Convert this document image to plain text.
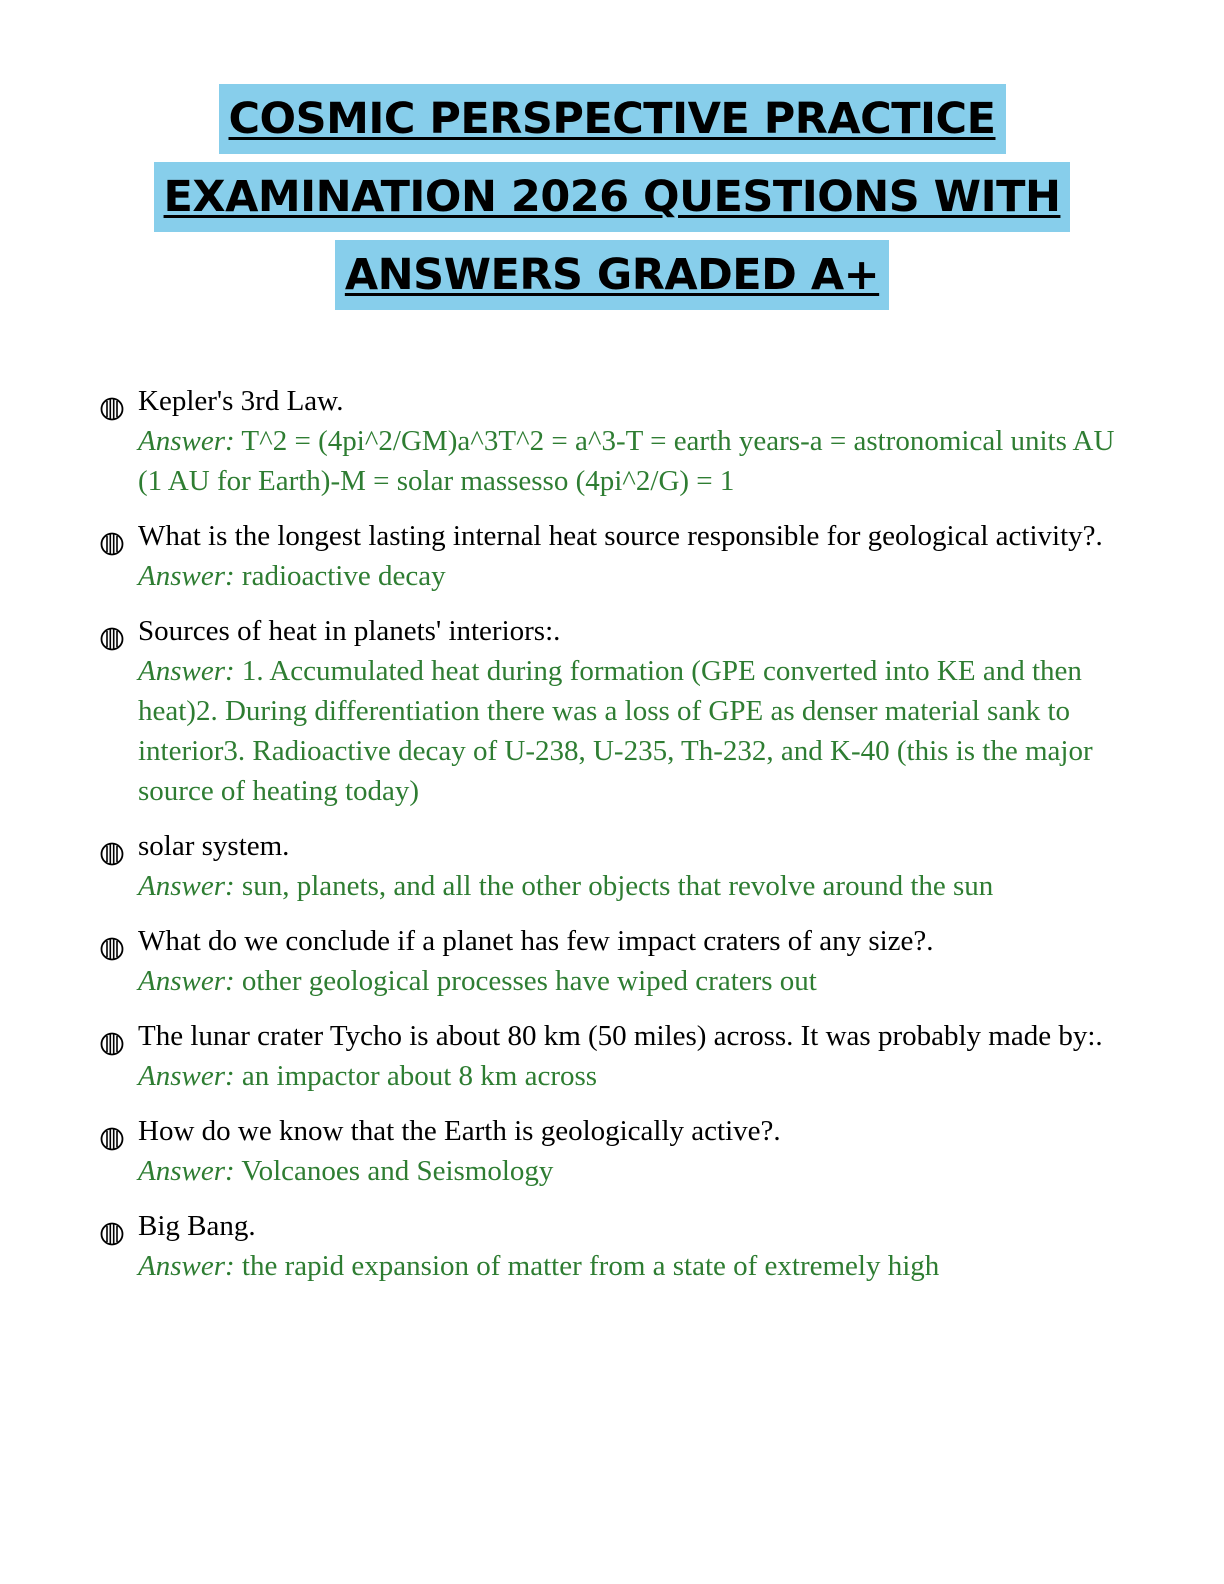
COSMIC PERSPECTIVE PRACTICE
EXAMINATION 2026 QUESTIONS WITH
ANSWERS GRADED A+
Kepler's 3rd Law.
Answer: T^2 = (4pi^2/GM)a^3T^2 = a^3-T = earth years-a = astronomical units AU (1 AU for Earth)-M = solar massesso (4pi^2/G) = 1
What is the longest lasting internal heat source responsible for geological activity?.
Answer: radioactive decay
Sources of heat in planets' interiors:.
Answer: 1. Accumulated heat during formation (GPE converted into KE and then heat)2. During differentiation there was a loss of GPE as denser material sank to interior3. Radioactive decay of U-238, U-235, Th-232, and K-40 (this is the major source of heating today)
solar system.
Answer: sun, planets, and all the other objects that revolve around the sun
What do we conclude if a planet has few impact craters of any size?.
Answer: other geological processes have wiped craters out
The lunar crater Tycho is about 80 km (50 miles) across. It was probably made by:.
Answer: an impactor about 8 km across
How do we know that the Earth is geologically active?.
Answer: Volcanoes and Seismology
Big Bang.
Answer: the rapid expansion of matter from a state of extremely high
